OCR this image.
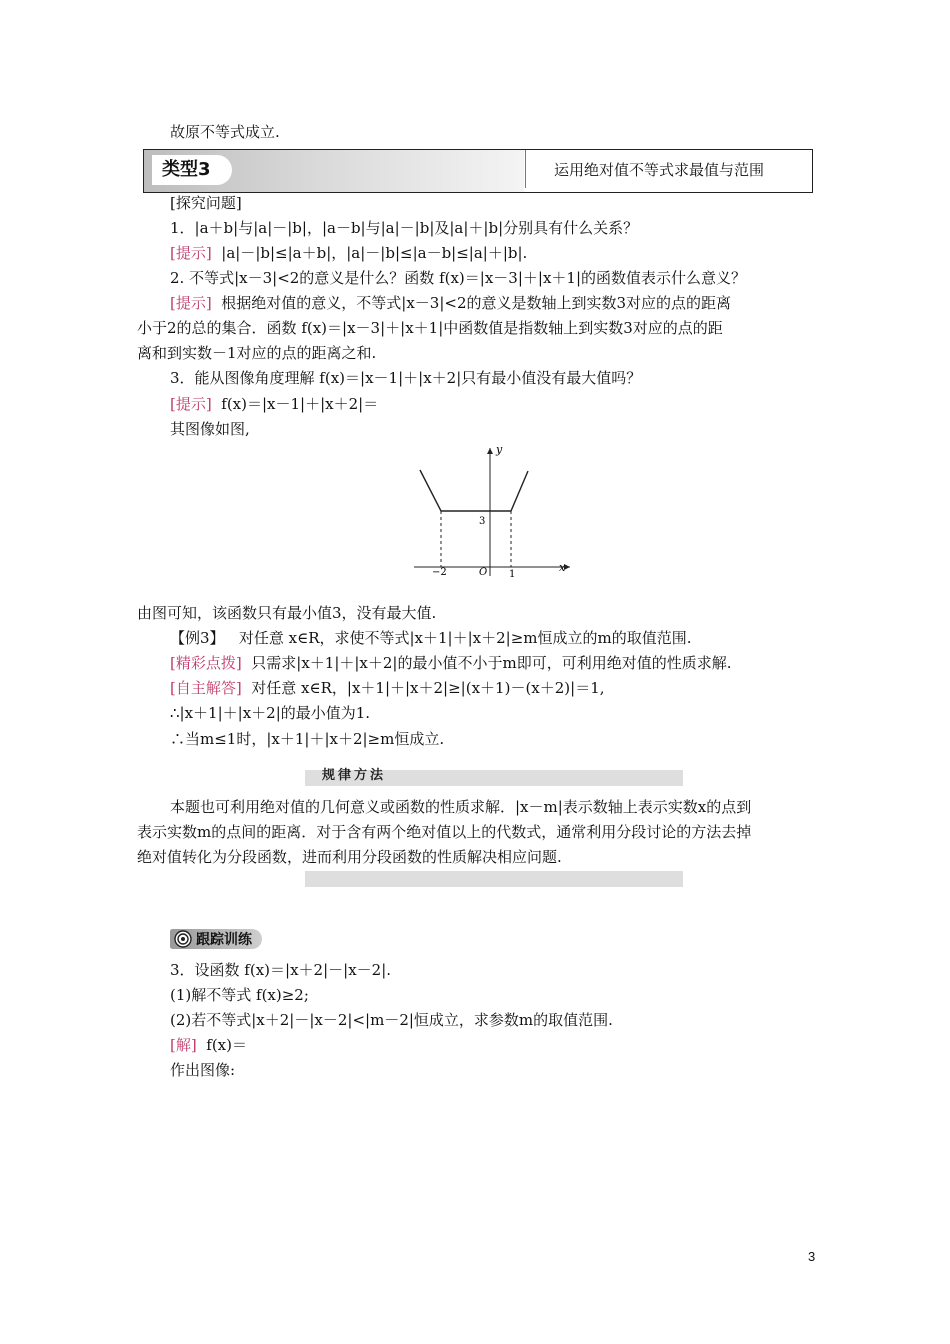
故原不等式成立.
类型3	运用绝对值不等式求最值与范围
[探究问题]
1．|a＋b|与|a|－|b|，|a－b|与|a|－|b|及|a|＋|b|分别具有什么关系？
[提示] |a|－|b|≤|a＋b|，|a|－|b|≤|a－b|≤|a|＋|b|.
2. 不等式|x－3|<2的意义是什么？函数 f(x)＝|x－3|＋|x＋1|的函数值表示什么意义？
[提示] 根据绝对值的意义，不等式|x－3|<2的意义是数轴上到实数3对应的点的距离
小于2的总的集合．函数 f(x)＝|x－3|＋|x＋1|中函数值是指数轴上到实数3对应的点的距
离和到实数－1对应的点的距离之和.
3．能从图像角度理解 f(x)＝|x－1|＋|x＋2|只有最小值没有最大值吗？
[提示] f(x)＝|x－1|＋|x＋2|＝
其图像如图,
y
x
3
−2	O 1
由图可知，该函数只有最小值3，没有最大值.
【例3】 对任意 x∈R，求使不等式|x＋1|＋|x＋2|≥m恒成立的m的取值范围.
[精彩点拨] 只需求|x＋1|＋|x＋2|的最小值不小于m即可，可利用绝对值的性质求解.
[自主解答] 对任意 x∈R，|x＋1|＋|x＋2|≥|(x＋1)－(x＋2)|＝1,
∴|x＋1|＋|x＋2|的最小值为1.
∴当m≤1时，|x＋1|＋|x＋2|≥m恒成立.
规律方法
本题也可利用绝对值的几何意义或函数的性质求解．|x－m|表示数轴上表示实数x的点到
表示实数m的点间的距离．对于含有两个绝对值以上的代数式，通常利用分段讨论的方法去掉
绝对值转化为分段函数，进而利用分段函数的性质解决相应问题.
跟踪训练
3．设函数 f(x)＝|x＋2|－|x－2|.
(1)解不等式 f(x)≥2;
(2)若不等式|x＋2|－|x－2|<|m－2|恒成立，求参数m的取值范围.
[解] f(x)＝
作出图像:
3
